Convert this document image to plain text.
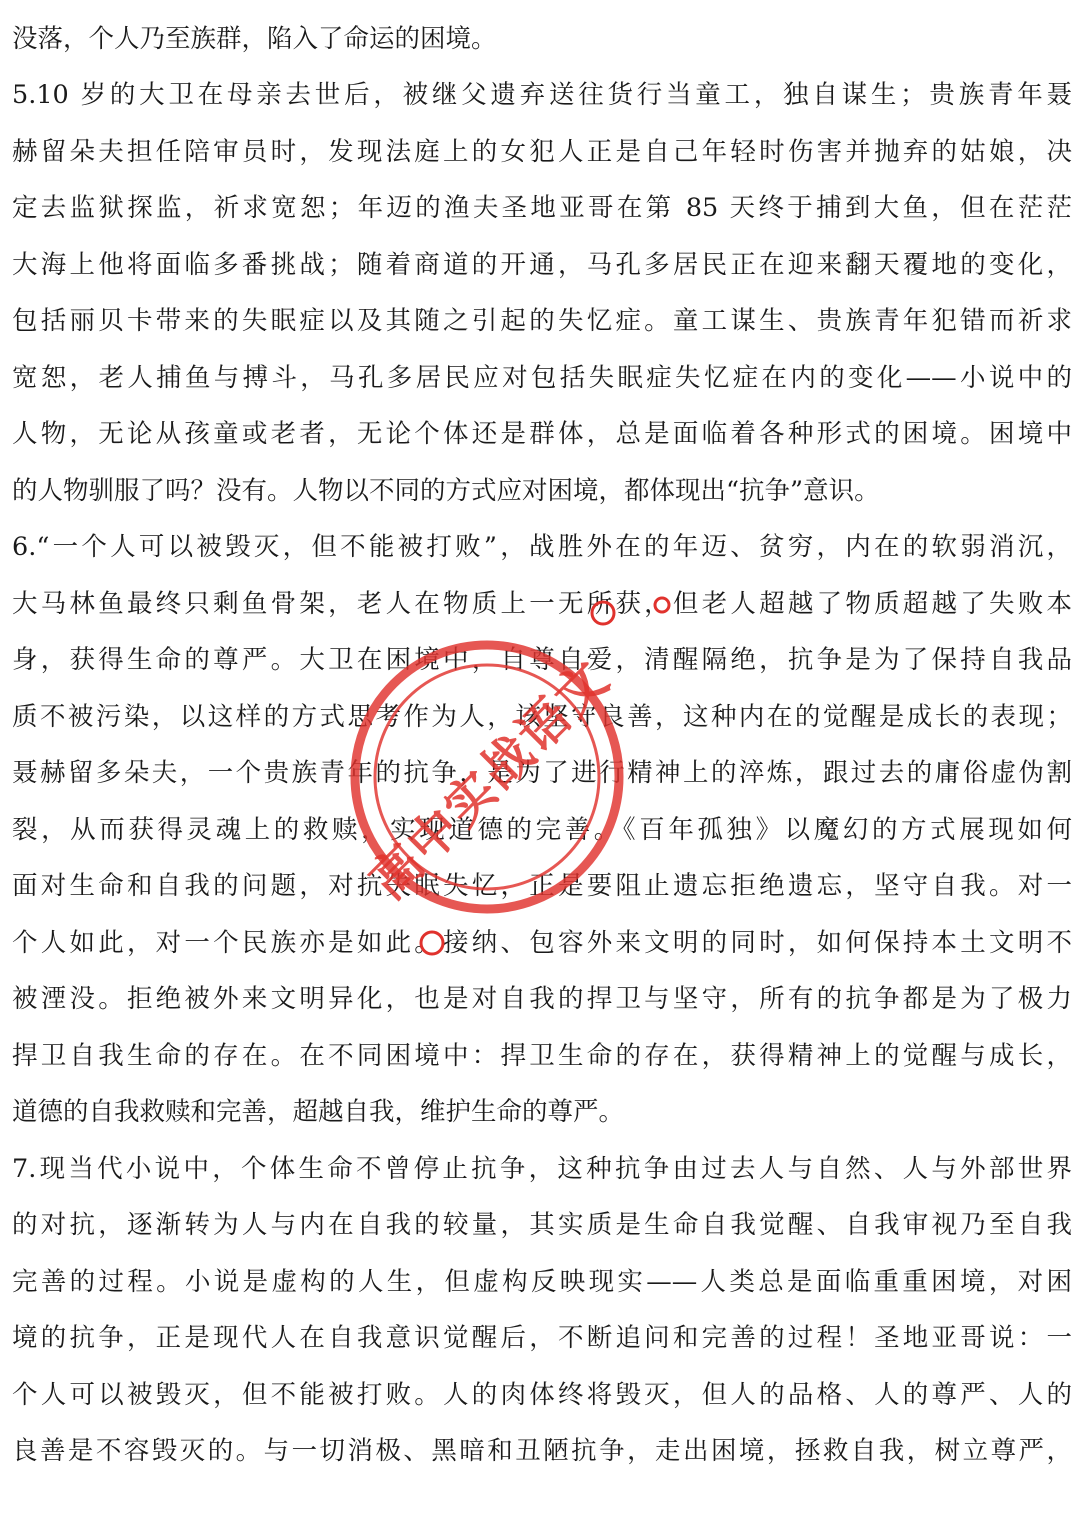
没落，个人乃至族群，陷入了命运的困境。
5.10 岁的大卫在母亲去世后，被继父遗弃送往货行当童工，独自谋生；贵族青年聂
赫留朵夫担任陪审员时，发现法庭上的女犯人正是自己年轻时伤害并抛弃的姑娘，决
定去监狱探监，祈求宽恕；年迈的渔夫圣地亚哥在第 85 天终于捕到大鱼，但在茫茫
大海上他将面临多番挑战；随着商道的开通，马孔多居民正在迎来翻天覆地的变化，
包括丽贝卡带来的失眠症以及其随之引起的失忆症。童工谋生、贵族青年犯错而祈求
宽恕，老人捕鱼与搏斗，马孔多居民应对包括失眠症失忆症在内的变化——小说中的
人物，无论从孩童或老者，无论个体还是群体，总是面临着各种形式的困境。困境中
的人物驯服了吗？没有。人物以不同的方式应对困境，都体现出“抗争”意识。
6.“一个人可以被毁灭，但不能被打败”，战胜外在的年迈、贫穷，内在的软弱消沉，
大马林鱼最终只剩鱼骨架，老人在物质上一无所获，但老人超越了物质超越了失败本
身，获得生命的尊严。大卫在困境中，自尊自爱，清醒隔绝，抗争是为了保持自我品
质不被污染，以这样的方式思考作为人，该坚守良善，这种内在的觉醒是成长的表现；
聂赫留多朵夫，一个贵族青年的抗争，是为了进行精神上的淬炼，跟过去的庸俗虚伪割
裂，从而获得灵魂上的救赎，实现道德的完善。《百年孤独》以魔幻的方式展现如何
面对生命和自我的问题，对抗失眠失忆，正是要阻止遗忘拒绝遗忘，坚守自我。对一
个人如此，对一个民族亦是如此。接纳、包容外来文明的同时，如何保持本土文明不
被湮没。拒绝被外来文明异化，也是对自我的捍卫与坚守，所有的抗争都是为了极力
捍卫自我生命的存在。在不同困境中：捍卫生命的存在，获得精神上的觉醒与成长，
道德的自我救赎和完善，超越自我，维护生命的尊严。
7.现当代小说中，个体生命不曾停止抗争，这种抗争由过去人与自然、人与外部世界
的对抗，逐渐转为人与内在自我的较量，其实质是生命自我觉醒、自我审视乃至自我
完善的过程。小说是虚构的人生，但虚构反映现实——人类总是面临重重困境，对困
境的抗争，正是现代人在自我意识觉醒后，不断追问和完善的过程！圣地亚哥说：一
个人可以被毁灭，但不能被打败。人的肉体终将毁灭，但人的品格、人的尊严、人的
良善是不容毁灭的。与一切消极、黑暗和丑陋抗争，走出困境，拯救自我，树立尊严，
高中实战语文
